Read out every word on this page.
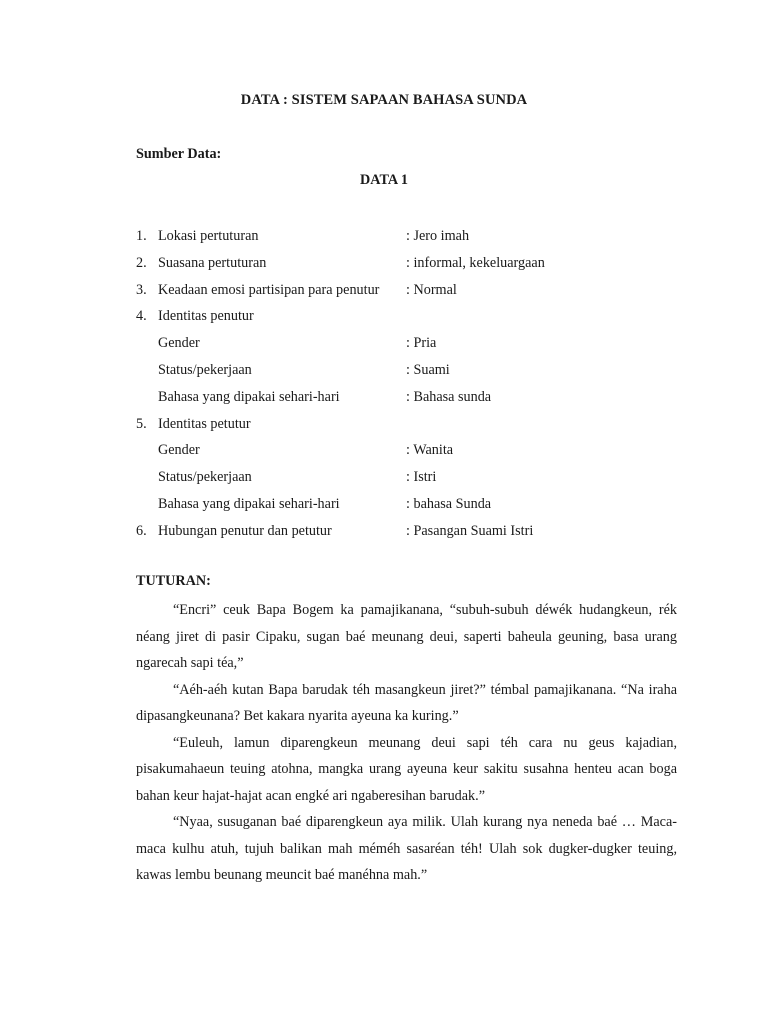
DATA : SISTEM SAPAAN BAHASA SUNDA
Sumber Data:
DATA 1
1. Lokasi pertuturan	: Jero imah
2. Suasana pertuturan	: informal, kekeluargaan
3. Keadaan emosi partisipan para penutur : Normal
4. Identitas penutur
Gender	: Pria
Status/pekerjaan	: Suami
Bahasa yang dipakai sehari-hari	: Bahasa sunda
5. Identitas petutur
Gender	: Wanita
Status/pekerjaan	: Istri
Bahasa yang dipakai sehari-hari	: bahasa Sunda
6. Hubungan penutur dan petutur	: Pasangan Suami Istri
TUTURAN:

“Encri” ceuk Bapa Bogem ka pamajikanana, “subuh-subuh déwék hudangkeun, rék néang jiret di pasir Cipaku, sugan baé meunang deui, saperti baheula geuning, basa urang ngarecah sapi téa,”

“Aéh-aéh kutan Bapa barudak téh masangkeun jiret?” témbal pamajikanana. “Na iraha dipasangkeunana? Bet kakara nyarita ayeuna ka kuring.”

“Euleuh, lamun diparengkeun meunang deui sapi téh cara nu geus kajadian, pisakumahaeun teuing atohna, mangka urang ayeuna keur sakitu susahna henteu acan boga bahan keur hajat-hajat acan engké ari ngaberesihan barudak.”

“Nyaa, susuganan baé diparengkeun aya milik. Ulah kurang nya neneda baé … Maca-maca kulhu atuh, tujuh balikan mah méméh sasaréan téh! Ulah sok dugker-dugker teuing, kawas lembu beunang meuncit baé manéhna mah.”
